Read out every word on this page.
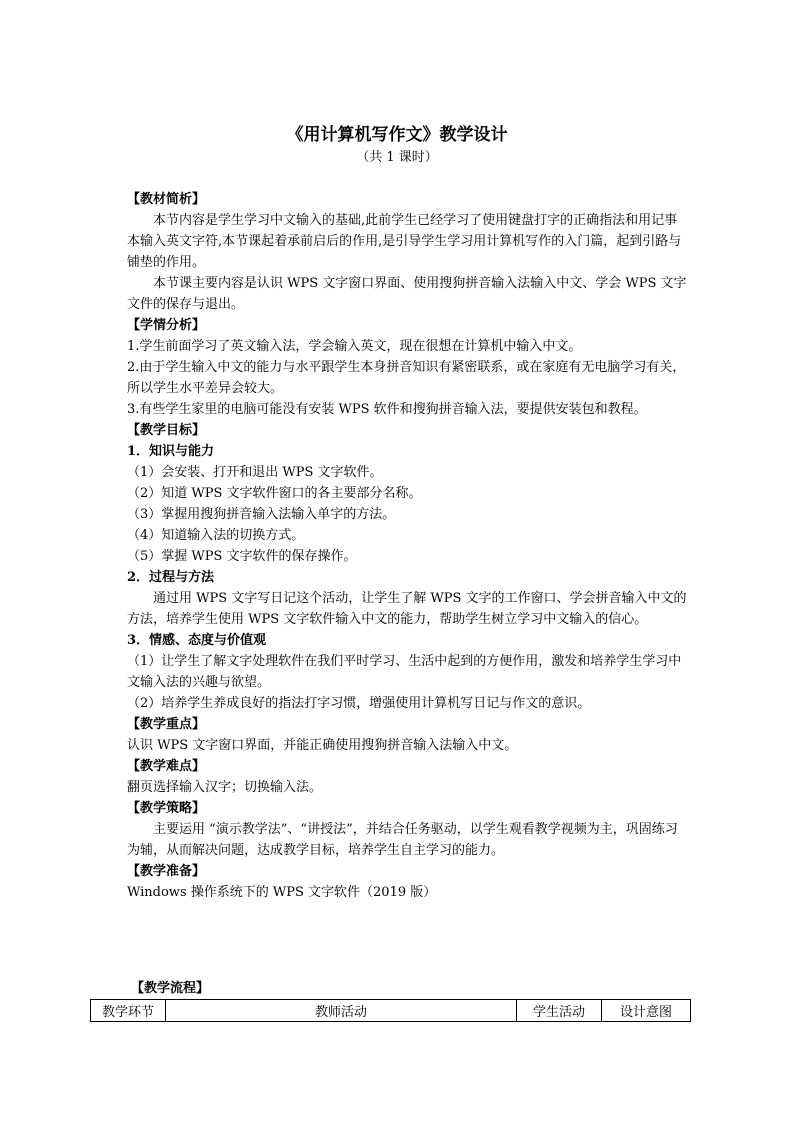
《用计算机写作文》教学设计
（共 1 课时）

【教材简析】

本节内容是学生学习中文输入的基础,此前学生已经学习了使用键盘打字的正确指法和用记事本输入英文字符,本节课起着承前启后的作用,是引导学生学习用计算机写作的入门篇，起到引路与铺垫的作用。

本节课主要内容是认识 WPS 文字窗口界面、使用搜狗拼音输入法输入中文、学会 WPS 文字文件的保存与退出。

【学情分析】

1.学生前面学习了英文输入法，学会输入英文，现在很想在计算机中输入中文。

2.由于学生输入中文的能力与水平跟学生本身拼音知识有紧密联系，或在家庭有无电脑学习有关，所以学生水平差异会较大。

3.有些学生家里的电脑可能没有安装 WPS 软件和搜狗拼音输入法，要提供安装包和教程。

【教学目标】

1．知识与能力

（1）会安装、打开和退出 WPS 文字软件。

（2）知道 WPS 文字软件窗口的各主要部分名称。

（3）掌握用搜狗拼音输入法输入单字的方法。

（4）知道输入法的切换方式。

（5）掌握 WPS 文字软件的保存操作。

2．过程与方法

通过用 WPS 文字写日记这个活动，让学生了解 WPS 文字的工作窗口、学会拼音输入中文的方法，培养学生使用 WPS 文字软件输入中文的能力，帮助学生树立学习中文输入的信心。

3．情感、态度与价值观

（1）让学生了解文字处理软件在我们平时学习、生活中起到的方便作用，激发和培养学生学习中文输入法的兴趣与欲望。

（2）培养学生养成良好的指法打字习惯，增强使用计算机写日记与作文的意识。

【教学重点】

认识 WPS 文字窗口界面，并能正确使用搜狗拼音输入法输入中文。

【教学难点】

翻页选择输入汉字；切换输入法。

【教学策略】

主要运用 “演示教学法”、“讲授法”，并结合任务驱动，以学生观看教学视频为主，巩固练习为辅，从而解决问题，达成教学目标，培养学生自主学习的能力。

【教学准备】

Windows 操作系统下的 WPS 文字软件（2019 版）

【教学流程】
教学环节	教师活动	学生活动	设计意图
